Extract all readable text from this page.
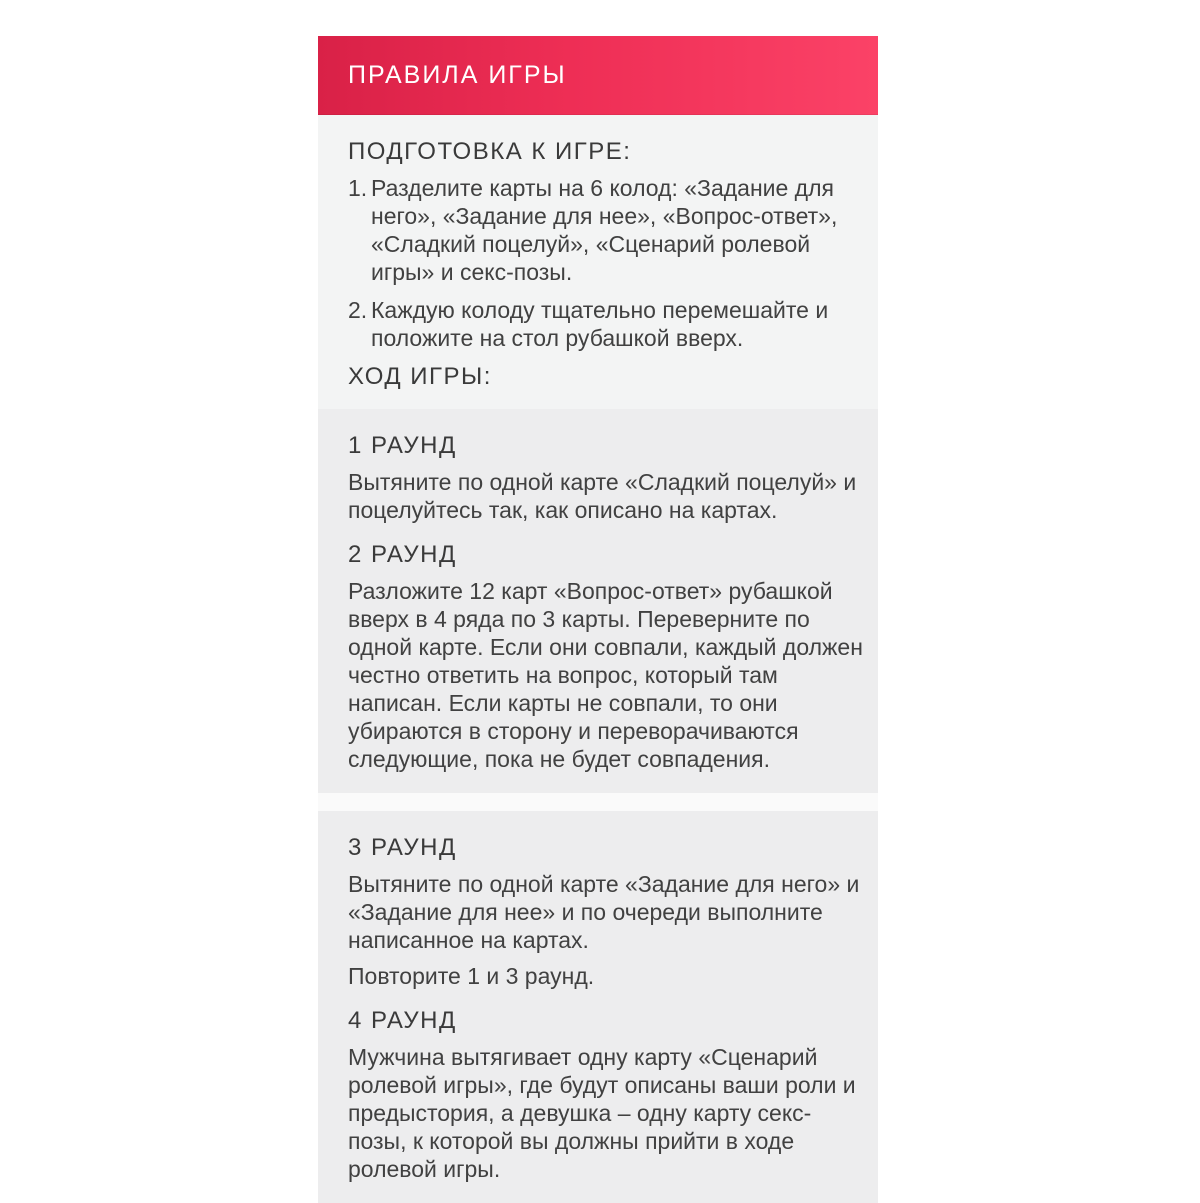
ПРАВИЛА ИГРЫ
ПОДГОТОВКА К ИГРЕ:
1. Разделите карты на 6 колод: «Задание для него», «Задание для нее», «Вопрос-ответ», «Сладкий поцелуй», «Сценарий ролевой игры» и секс-позы.
2. Каждую колоду тщательно перемешайте и положите на стол рубашкой вверх.
ХОД ИГРЫ:
1 РАУНД

Вытяните по одной карте «Сладкий поцелуй» и поцелуйтесь так, как описано на картах.

2 РАУНД

Разложите 12 карт «Вопрос-ответ» рубашкой вверх в 4 ряда по 3 карты. Переверните по одной карте. Если они совпали, каждый должен честно ответить на вопрос, который там написан. Если карты не совпали, то они убираются в сторону и переворачиваются следующие, пока не будет совпадения.

3 РАУНД

Вытяните по одной карте «Задание для него» и «Задание для нее» и по очереди выполните написанное на картах.

Повторите 1 и 3 раунд.

4 РАУНД

Мужчина вытягивает одну карту «Сценарий ролевой игры», где будут описаны ваши роли и предыстория, а девушка – одну карту секс-позы, к которой вы должны прийти в ходе ролевой игры.
